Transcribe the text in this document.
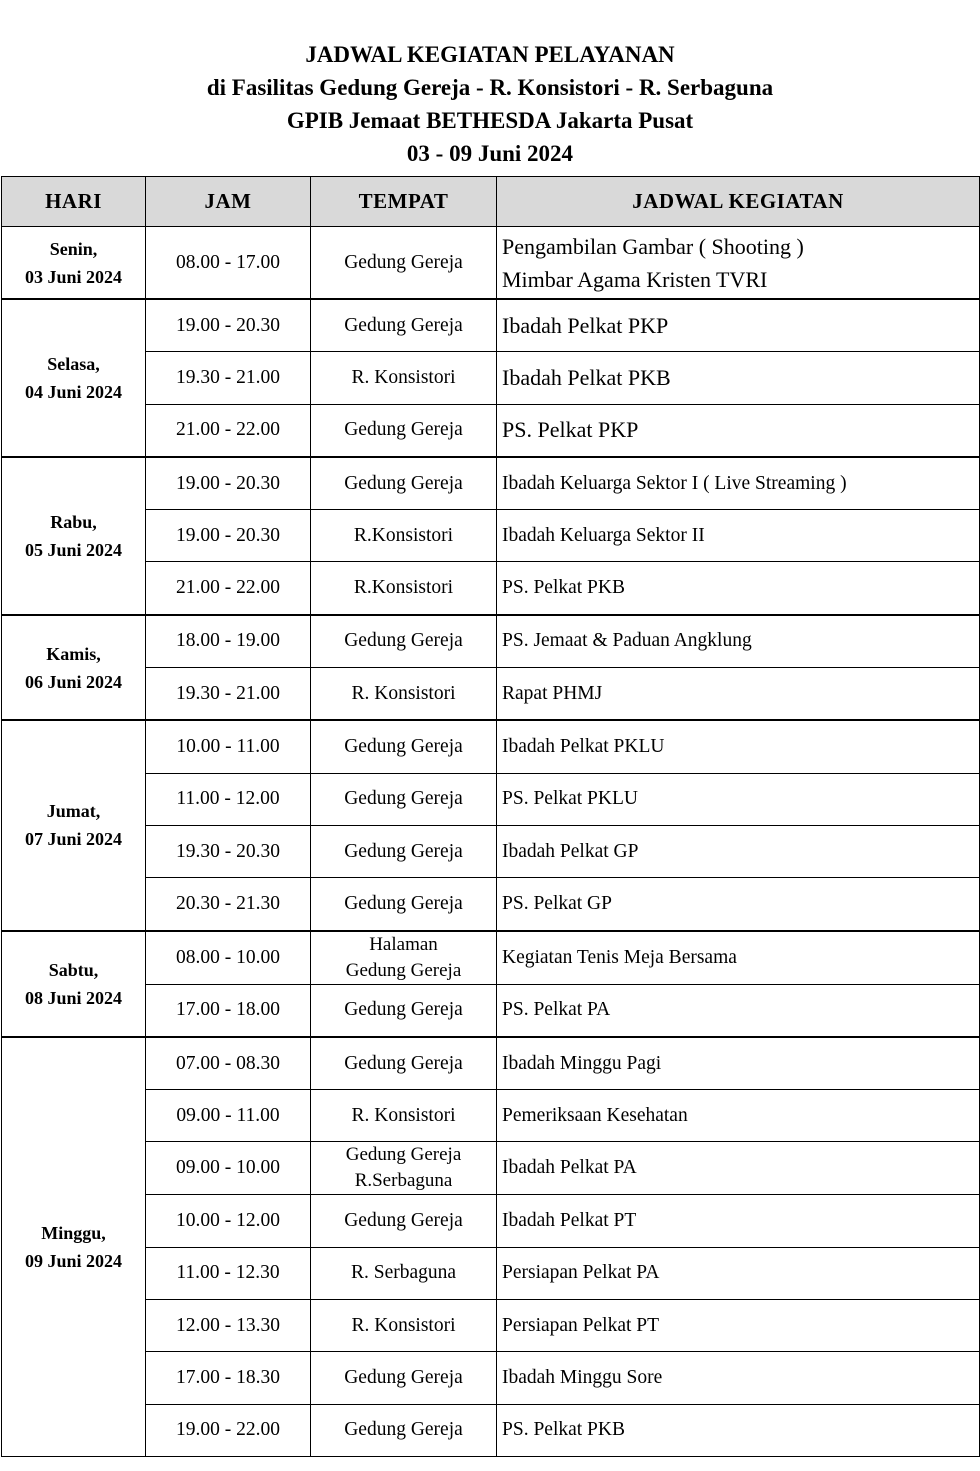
JADWAL KEGIATAN PELAYANAN
di Fasilitas Gedung Gereja - R. Konsistori - R. Serbaguna
GPIB Jemaat BETHESDA Jakarta Pusat
03 - 09 Juni 2024
HARI	JAM	TEMPAT	JADWAL KEGIATAN

Senin,
03 Juni 2024	08.00 - 17.00	Gedung Gereja	Pengambilan Gambar ( Shooting )
Mimbar Agama Kristen TVRI

Selasa,
04 Juni 2024	19.00 - 20.30	Gedung Gereja	Ibadah Pelkat PKP
	19.30 - 21.00	R. Konsistori	Ibadah Pelkat PKB
	21.00 - 22.00	Gedung Gereja	PS. Pelkat PKP

Rabu,
05 Juni 2024	19.00 - 20.30	Gedung Gereja	Ibadah Keluarga Sektor I ( Live Streaming )
	19.00 - 20.30	R.Konsistori	Ibadah Keluarga Sektor II
	21.00 - 22.00	R.Konsistori	PS. Pelkat PKB

Kamis,
06 Juni 2024	18.00 - 19.00	Gedung Gereja	PS. Jemaat & Paduan Angklung
	19.30 - 21.00	R. Konsistori	Rapat PHMJ

Jumat,
07 Juni 2024	10.00 - 11.00	Gedung Gereja	Ibadah Pelkat PKLU
	11.00 - 12.00	Gedung Gereja	PS. Pelkat PKLU
	19.30 - 20.30	Gedung Gereja	Ibadah Pelkat GP
	20.30 - 21.30	Gedung Gereja	PS. Pelkat GP

Sabtu,
08 Juni 2024	08.00 - 10.00	Halaman
Gedung Gereja	Kegiatan Tenis Meja Bersama
	17.00 - 18.00	Gedung Gereja	PS. Pelkat PA

Minggu,
09 Juni 2024	07.00 - 08.30	Gedung Gereja	Ibadah Minggu Pagi
	09.00 - 11.00	R. Konsistori	Pemeriksaan Kesehatan
	09.00 - 10.00	Gedung Gereja
R.Serbaguna	Ibadah Pelkat PA
	10.00 - 12.00	Gedung Gereja	Ibadah Pelkat PT
	11.00 - 12.30	R. Serbaguna	Persiapan Pelkat PA
	12.00 - 13.30	R. Konsistori	Persiapan Pelkat PT
	17.00 - 18.30	Gedung Gereja	Ibadah Minggu Sore
	19.00 - 22.00	Gedung Gereja	PS. Pelkat PKB
